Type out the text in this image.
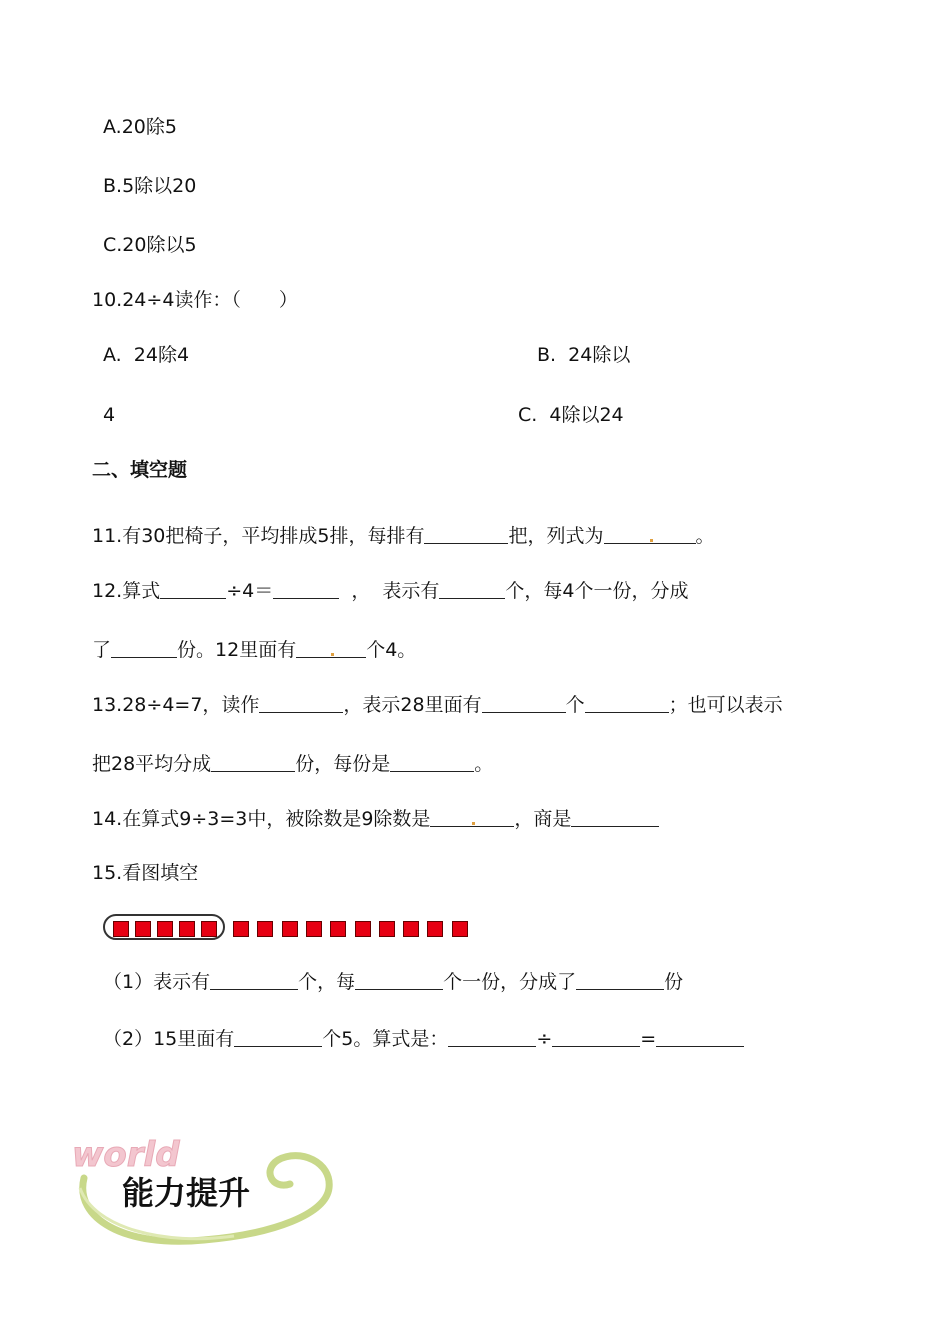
A.20除5
B.5除以20
C.20除以5
10.24÷4读作：（　　）
A.  24除4	B.  24除以
4	C.  4除以24
二、填空题
11.有30把椅子，平均排成5排，每排有	把，列式为	。
12.算式	÷4＝	，  表示有	个，每4个一份，分成
了	份。12里面有	个4。
13.28÷4=7，读作	，表示28里面有	个	；也可以表示
把28平均分成	份，每份是	。
14.在算式9÷3=3中，被除数是9除数是	，商是
15.看图填空
（1）表示有	个，每	个一份，分成了	份
（2）15里面有	个5。算式是：	÷	=
world
能力提升
